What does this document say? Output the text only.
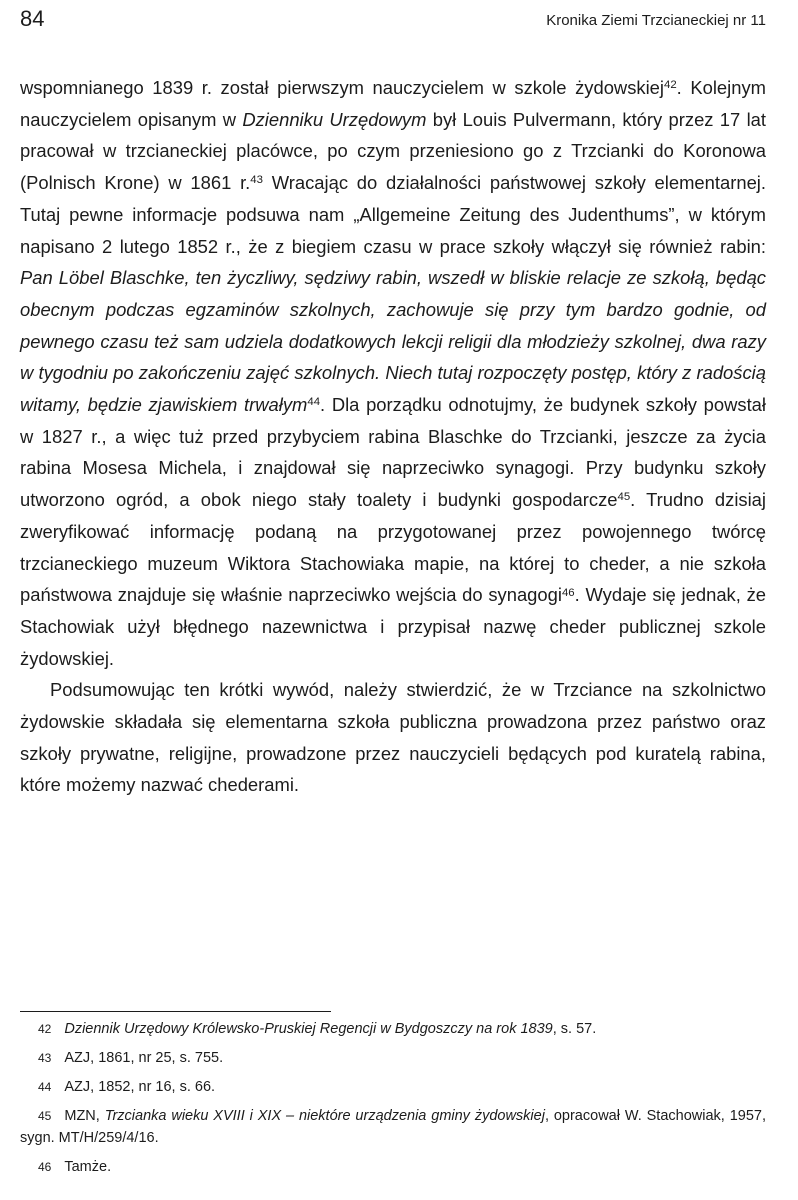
84	Kronika Ziemi Trzcianeckiej nr 11

wspomnianego 1839 r. został pierwszym nauczycielem w szkole żydowskiej$^{42}$. Kolejnym nauczycielem opisanym w Dzienniku Urzędowym był Louis Pulvermann, który przez 17 lat pracował w trzcianeckiej placówce, po czym przeniesiono go z Trzcianki do Koronowa (Polnisch Krone) w 1861 r.$^{43}$ Wracając do działalności państwowej szkoły elementarnej. Tutaj pewne informacje podsuwa nam „Allgemeine Zeitung des Judenthums”, w którym napisano 2 lutego 1852 r., że z biegiem czasu w prace szkoły włączył się również rabin: Pan Löbel Blaschke, ten życzliwy, sędziwy rabin, wszedł w bliskie relacje ze szkołą, będąc obecnym podczas egzaminów szkolnych, zachowuje się przy tym bardzo godnie, od pewnego czasu też sam udziela dodatkowych lekcji religii dla młodzieży szkolnej, dwa razy w tygodniu po zakończeniu zajęć szkolnych. Niech tutaj rozpoczęty postęp, który z radością witamy, będzie zjawiskiem trwałym$^{44}$. Dla porządku odnotujmy, że budynek szkoły powstał w 1827 r., a więc tuż przed przybyciem rabina Blaschke do Trzcianki, jeszcze za życia rabina Mosesa Michela, i znajdował się naprzeciwko synagogi. Przy budynku szkoły utworzono ogród, a obok niego stały toalety i budynki gospodarcze$^{45}$. Trudno dzisiaj zweryfikować informację podaną na przygotowanej przez powojennego twórcę trzcianeckiego muzeum Wiktora Stachowiaka mapie, na której to cheder, a nie szkoła państwowa znajduje się właśnie naprzeciwko wejścia do synagogi$^{46}$. Wydaje się jednak, że Stachowiak użył błędnego nazewnictwa i przypisał nazwę cheder publicznej szkole żydowskiej.

Podsumowując ten krótki wywód, należy stwierdzić, że w Trzciance na szkolnictwo żydowskie składała się elementarna szkoła publiczna prowadzona przez państwo oraz szkoły prywatne, religijne, prowadzone przez nauczycieli będących pod kuratelą rabina, które możemy nazwać chederami.

42 Dziennik Urzędowy Królewsko-Pruskiej Regencji w Bydgoszczy na rok 1839, s. 57.

43 AZJ, 1861, nr 25, s. 755.

44 AZJ, 1852, nr 16, s. 66.

45 MZN, Trzcianka wieku XVIII i XIX – niektóre urządzenia gminy żydowskiej, opracował W. Stachowiak, 1957, sygn. MT/H/259/4/16.

46 Tamże.
